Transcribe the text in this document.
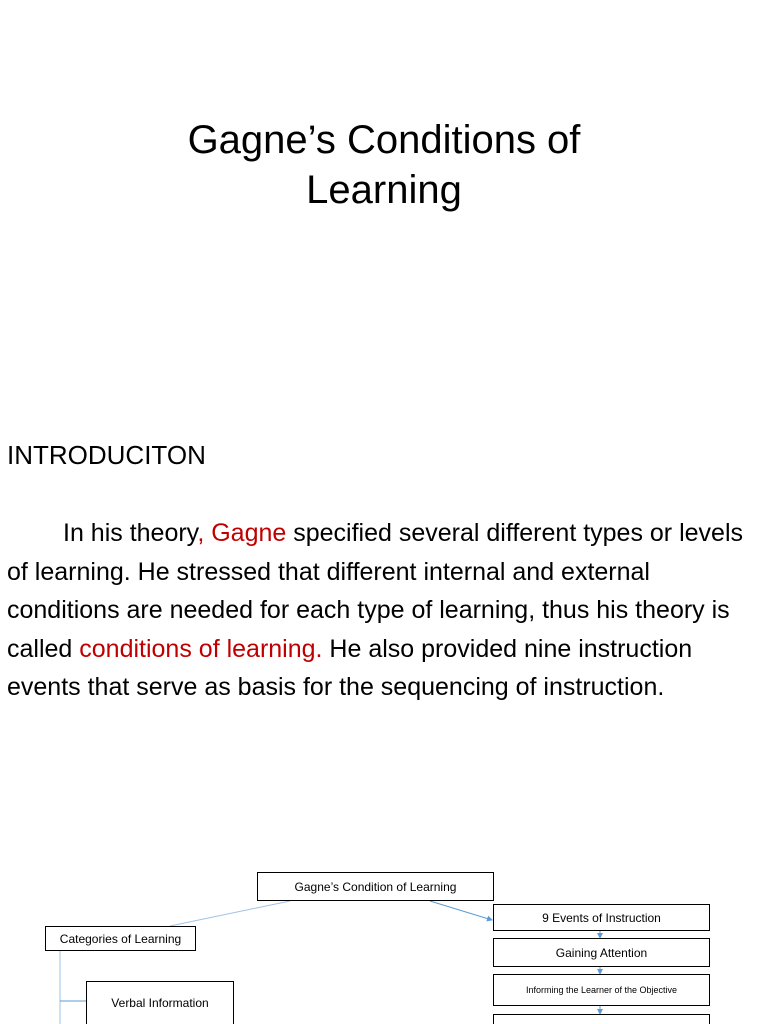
Gagne’s Conditions of
Learning
INTRODUCITON

In his theory, Gagne specified several different types or levels of learning. He stressed that different internal and external conditions are needed for each type of learning, thus his theory is called conditions of learning. He also provided nine instruction events that serve as basis for the sequencing of instruction.

Gagne’s Condition of Learning
Categories of Learning
Verbal Information
9 Events of Instruction
Gaining Attention
Informing the Learner of the Objective
